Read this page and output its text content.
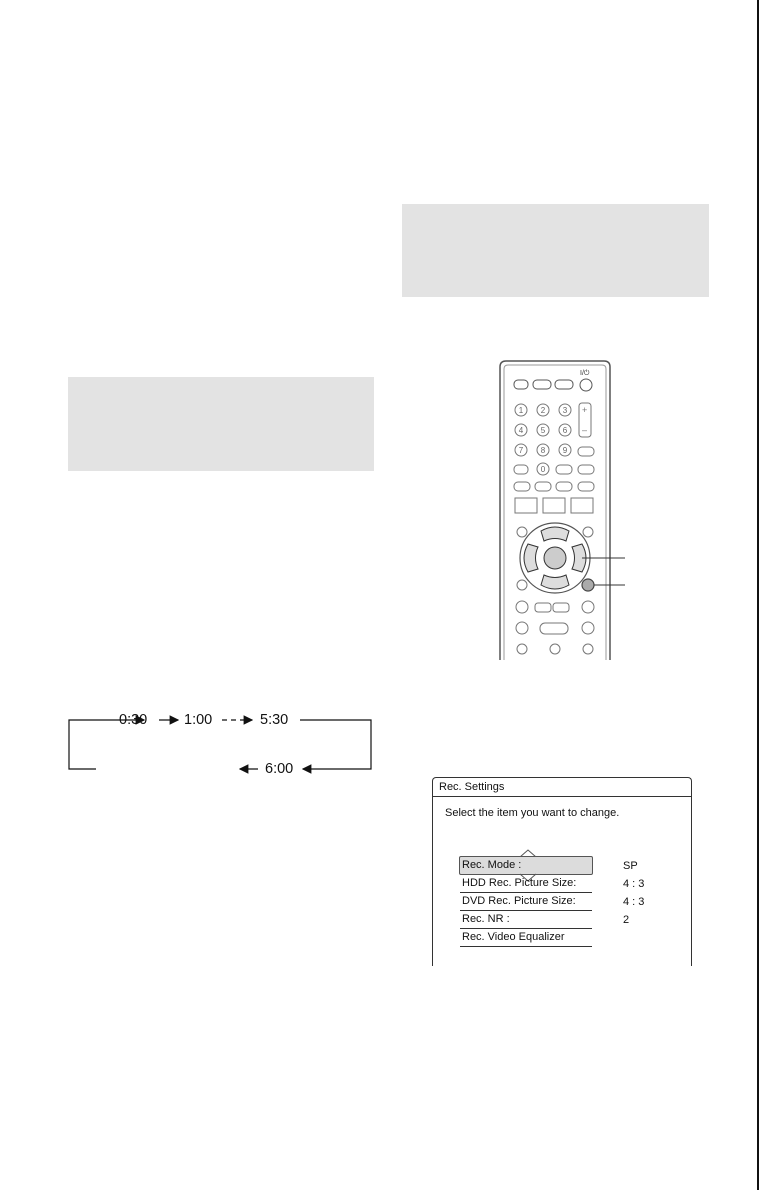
0:30	1:00	5:30
6:00
I/⏻
1 2 3
4 5 6
7 8 9
0
+
–
Rec. Settings
Select the item you want to change.
Rec. Mode :	SP
HDD Rec. Picture Size:	4 : 3
DVD Rec. Picture Size:	4 : 3
Rec. NR :	2
Rec. Video Equalizer
